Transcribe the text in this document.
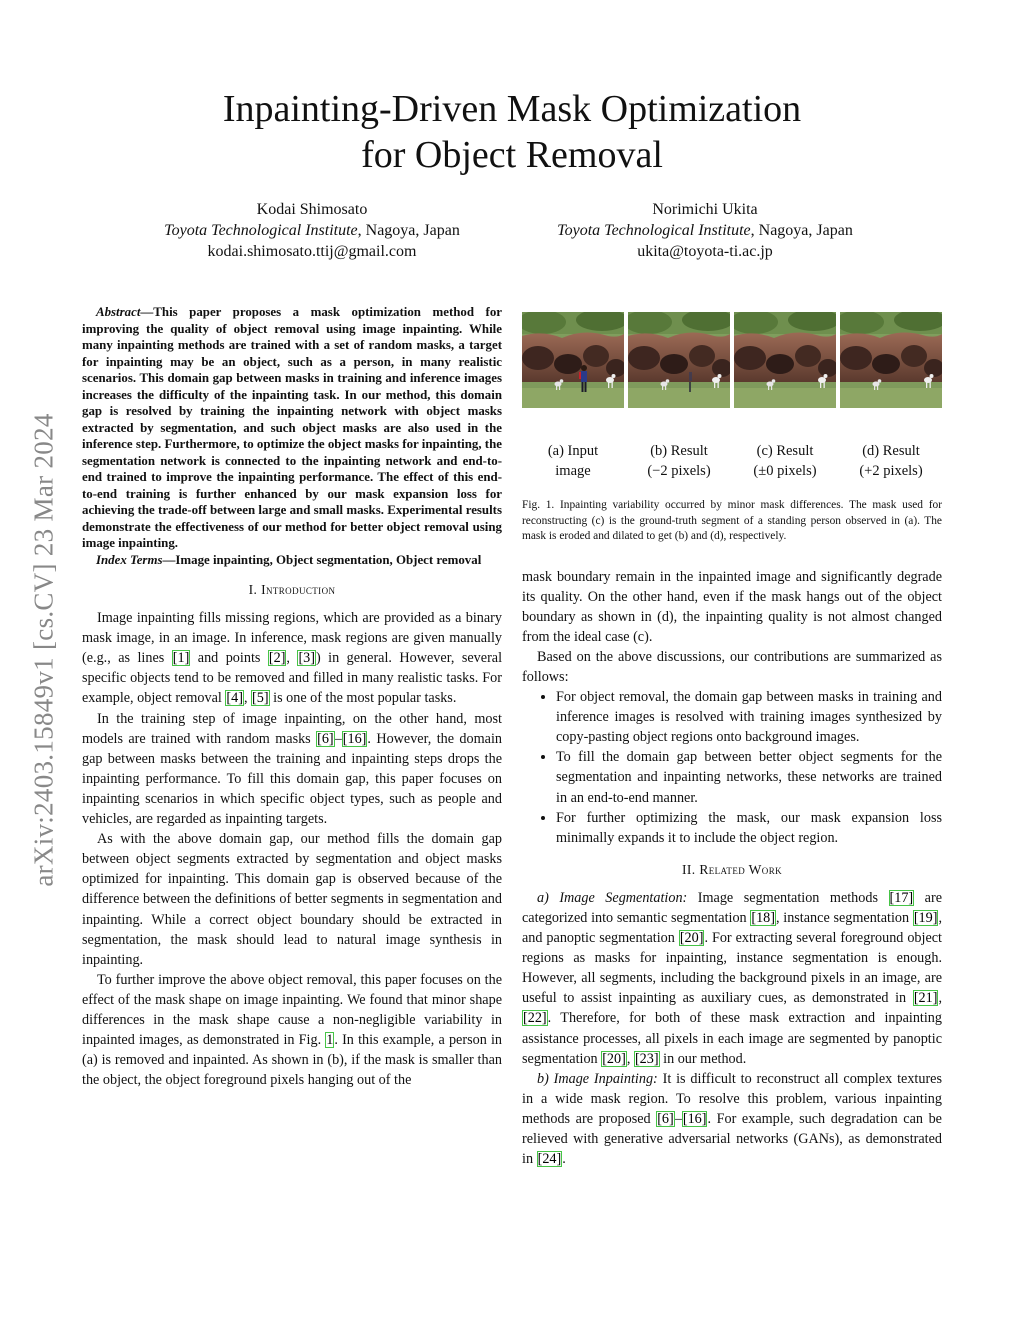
arXiv:2403.15849v1 [cs.CV] 23 Mar 2024
Inpainting-Driven Mask Optimization
for Object Removal
Kodai Shimosato
Toyota Technological Institute, Nagoya, Japan
kodai.shimosato.ttij@gmail.com
Norimichi Ukita
Toyota Technological Institute, Nagoya, Japan
ukita@toyota-ti.ac.jp

Abstract—This paper proposes a mask optimization method for improving the quality of object removal using image inpainting. While many inpainting methods are trained with a set of random masks, a target for inpainting may be an object, such as a person, in many realistic scenarios. This domain gap between masks in training and inference images increases the difficulty of the inpainting task. In our method, this domain gap is resolved by training the inpainting network with object masks extracted by segmentation, and such object masks are also used in the inference step. Furthermore, to optimize the object masks for inpainting, the segmentation network is connected to the inpainting network and end-to-end trained to improve the inpainting performance. The effect of this end-to-end training is further enhanced by our mask expansion loss for achieving the trade-off between large and small masks. Experimental results demonstrate the effectiveness of our method for better object removal using image inpainting.

Index Terms—Image inpainting, Object segmentation, Object removal

I. Introduction

Image inpainting fills missing regions, which are provided as a binary mask image, in an image. In inference, mask regions are given manually (e.g., as lines [1] and points [2], [3]) in general. However, several specific objects tend to be removed and filled in many realistic tasks. For example, object removal [4], [5] is one of the most popular tasks.

In the training step of image inpainting, on the other hand, most models are trained with random masks [6]–[16]. However, the domain gap between masks between the training and inpainting steps drops the inpainting performance. To fill this domain gap, this paper focuses on inpainting scenarios in which specific object types, such as people and vehicles, are regarded as inpainting targets.

As with the above domain gap, our method fills the domain gap between object segments extracted by segmentation and object masks optimized for inpainting. This domain gap is observed because of the difference between the definitions of better segments in segmentation and inpainting. While a correct object boundary should be extracted in segmentation, the mask should lead to natural image synthesis in inpainting.

To further improve the above object removal, this paper focuses on the effect of the mask shape on image inpainting. We found that minor shape differences in the mask shape cause a non-negligible variability in inpainted images, as demonstrated in Fig. 1. In this example, a person in (a) is removed and inpainted. As shown in (b), if the mask is smaller than the object, the object foreground pixels hanging out of the

(a) Input
image
(b) Result
(−2 pixels)
(c) Result
(±0 pixels)
(d) Result
(+2 pixels)
Fig. 1. Inpainting variability occurred by minor mask differences. The mask used for reconstructing (c) is the ground-truth segment of a standing person observed in (a). The mask is eroded and dilated to get (b) and (d), respectively.

mask boundary remain in the inpainted image and significantly degrade its quality. On the other hand, even if the mask hangs out of the object boundary as shown in (d), the inpainting quality is not almost changed from the ideal case (c).

Based on the above discussions, our contributions are summarized as follows:

• For object removal, the domain gap between masks in training and inference images is resolved with training images synthesized by copy-pasting object regions onto background images.
• To fill the domain gap between better object segments for the segmentation and inpainting networks, these networks are trained in an end-to-end manner.
• For further optimizing the mask, our mask expansion loss minimally expands it to include the object region.
II. Related Work

a) Image Segmentation: Image segmentation methods [17] are categorized into semantic segmentation [18], instance segmentation [19], and panoptic segmentation [20]. For extracting several foreground object regions as masks for inpainting, instance segmentation is enough. However, all segments, including the background pixels in an image, are useful to assist inpainting as auxiliary cues, as demonstrated in [21], [22]. Therefore, for both of these mask extraction and inpainting assistance processes, all pixels in each image are segmented by panoptic segmentation [20], [23] in our method.

b) Image Inpainting: It is difficult to reconstruct all complex textures in a wide mask region. To resolve this problem, various inpainting methods are proposed [6]–[16]. For example, such degradation can be relieved with generative adversarial networks (GANs), as demonstrated in [24].
